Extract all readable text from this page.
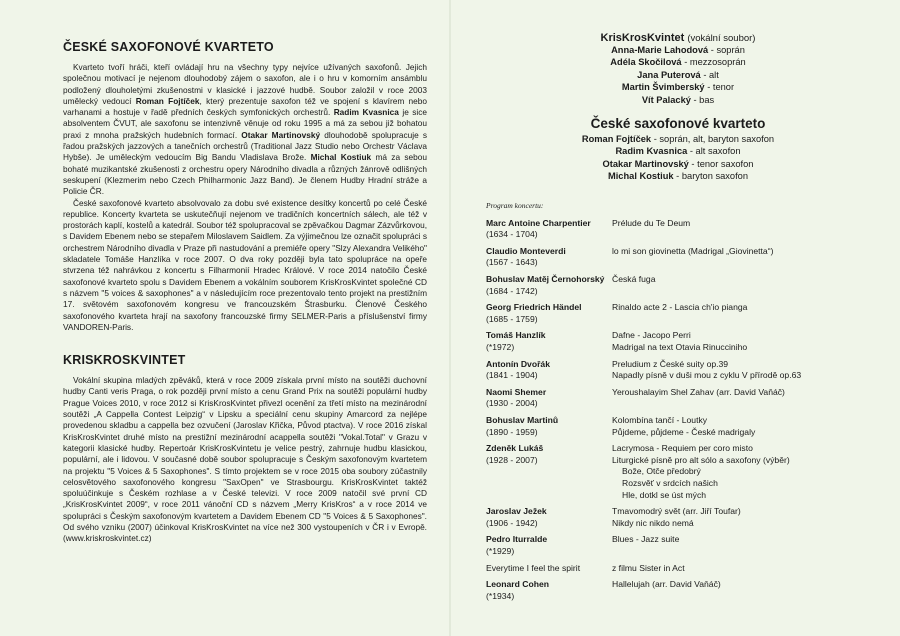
ČESKÉ SAXOFONOVÉ KVARTETO

Kvarteto tvoří hráči, kteří ovládají hru na všechny typy nejvíce užívaných saxofonů. Jejich společnou motivací je nejenom dlouhodobý zájem o saxofon, ale i o hru v komorním ansámblu podložený dlouholetými zkušenostmi v klasické i jazzové hudbě. Soubor založil v roce 2003 umělecký vedoucí Roman Fojtíček, který prezentuje saxofon též ve spojení s klavírem nebo varhanami a hostuje v řadě předních českých symfonických orchestrů. Radim Kvasnica je sice absolventem ČVUT, ale saxofonu se intenzivně věnuje od roku 1995 a má za sebou již bohatou praxi z mnoha pražských hudebních formací. Otakar Martinovský dlouhodobě spolupracuje s řadou pražských jazzových a tanečních orchestrů (Traditional Jazz Studio nebo Orchestr Václava Hybše). Je uměleckým vedoucím Big Bandu Vladislava Brože. Michal Kostiuk má za sebou bohaté muzikantské zkušenosti z orchestru opery Národního divadla a různých žánrově odlišných seskupení (Klezmerim nebo Czech Philharmonic Jazz Band). Je členem Hudby Hradní stráže a Policie ČR.

České saxofonové kvarteto absolvovalo za dobu své existence desítky koncertů po celé České republice. Koncerty kvarteta se uskutečňují nejenom ve tradičních koncertních sálech, ale též v prostorách kaplí, kostelů a katedrál. Soubor též spolupracoval se zpěvačkou Dagmar Zázvůrkovou, s Davidem Ebenem nebo se stepařem Miloslavem Saidlem. Za výjimečnou lze označit spolupráci s orchestrem Národního divadla v Praze při nastudování a premiéře opery "Slzy Alexandra Velikého" skladatele Tomáše Hanzlíka v roce 2007. O dva roky později byla tato spolupráce na opeře stvrzena též nahrávkou z koncertu s Filharmonií Hradec Králové. V roce 2014 natočilo České saxofonové kvarteto spolu s Davidem Ebenem a vokálním souborem KrisKrosKvintet společné CD s názvem "5 voices & saxophones" a v následujícím roce prezentovalo tento projekt na prestižním 17. světovém saxofonovém kongresu ve francouzském Štrasburku. Členové Českého saxofonového kvarteta hrají na saxofony francouzské firmy SELMER-Paris a příslušenství firmy VANDOREN-Paris.

KRISKROSKVINTET

Vokální skupina mladých zpěváků, která v roce 2009 získala první místo na soutěži duchovní hudby Canti veris Praga, o rok později první místo a cenu Grand Prix na soutěži populární hudby Prague Voices 2010, v roce 2012 si KrisKrosKvintet přivezl ocenění za třetí místo na mezinárodní soutěži „A Cappella Contest Leipzig“ v Lipsku a speciální cenu skupiny Amarcord za nejlépe provedenou skladbu a cappella bez ozvučení (Jaroslav Křička, Původ ptactva). V roce 2016 získal KrisKrosKvintet druhé místo na prestižní mezinárodní acappella soutěži "Vokal.Total" v Grazu v kategorii klasické hudby. Repertoár KrisKrosKvintetu je velice pestrý, zahrnuje hudbu klasickou, populární, ale i lidovou. V současné době soubor spolupracuje s Českým saxofonovým kvartetem na projektu "5 Voices & 5 Saxophones". S tímto projektem se v roce 2015 oba soubory zúčastnily celosvětového saxofonového kongresu "SaxOpen" ve Strasbourgu. KrisKrosKvintet taktéž spoluúčinkuje s Českém rozhlase a v České televizi. V roce 2009 natočil své první CD „KrisKrosKvintet 2009“, v roce 2011 vánoční CD s názvem „Merry KrisKros“ a v roce 2014 ve spolupráci s Českým saxofonovým kvartetem a Davidem Ebenem CD "5 Voices & 5 Saxophones". Od svého vzniku (2007) účinkoval KrisKrosKvintet na více než 300 vystoupeních v ČR i v Evropě. (www.kriskroskvintet.cz)

KrisKrosKvintet (vokální soubor)
Anna-Marie Lahodová - soprán
Adéla Skočilová - mezzosoprán
Jana Puterová - alt
Martin Švimberský - tenor
Vít Palacký - bas
České saxofonové kvarteto
Roman Fojtíček - soprán, alt, baryton saxofon
Radim Kvasnica - alt saxofon
Otakar Martinovský - tenor saxofon
Michal Kostiuk - baryton saxofon
Program koncertu:
Marc Antoine Charpentier
(1634 - 1704)
Prélude du Te Deum
Claudio Monteverdi
(1567 - 1643)
lo mi son giovinetta (Madrigal „Giovinetta“)
Bohuslav Matěj Černohorský
(1684 - 1742)
Česká fuga
Georg Friedrich Händel
(1685 - 1759)
Rinaldo acte 2 - Lascia ch'io pianga
Tomáš Hanzlík
(*1972)
Dafne - Jacopo Perri
Madrigal na text Otavia Rinucciniho
Antonín Dvořák
(1841 - 1904)
Preludium z České suity op.39
Napadly písně v duši mou z cyklu V přírodě op.63
Naomi Shemer
(1930 - 2004)
Yeroushalayim Shel Zahav (arr. David Vaňáč)
Bohuslav Martinů
(1890 - 1959)
Kolombína tančí - Loutky
Půjdeme, půjdeme - České madrigaly
Zdeněk Lukáš
(1928 - 2007)
Lacrymosa - Requiem per coro misto
Liturgické písně pro alt sólo a saxofony (výběr)
Bože, Otče předobrý
Rozsvěť v srdcích našich
Hle, dotkl se úst mých
Jaroslav Ježek
(1906 - 1942)
Tmavomodrý svět (arr. Jiří Toufar)
Nikdy nic nikdo nemá
Pedro Iturralde
(*1929)
Blues - Jazz suite
Everytime I feel the spirit	z filmu Sister in Act
Leonard Cohen
(*1934)
Hallelujah (arr. David Vaňáč)
